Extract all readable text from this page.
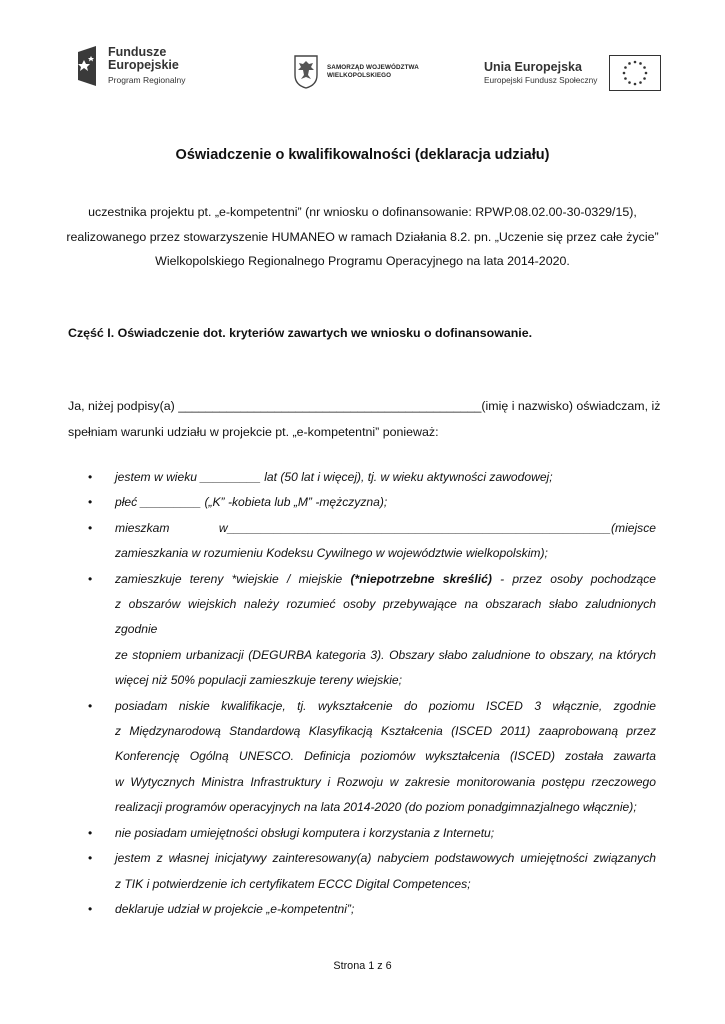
Fundusze
Europejskie
Program Regionalny
SAMORZĄD WOJEWÓDZTWA
WIELKOPOLSKIEGO
Unia Europejska
Europejski Fundusz Społeczny
Oświadczenie o kwalifikowalności (deklaracja udziału)
uczestnika projektu pt. „e-kompetentni” (nr wniosku o dofinansowanie: RPWP.08.02.00-30-0329/15),
realizowanego przez stowarzyszenie HUMANEO w ramach Działania 8.2. pn. „Uczenie się przez całe życie”
Wielkopolskiego Regionalnego Programu Operacyjnego na lata 2014-2020.
Część I. Oświadczenie dot. kryteriów zawartych we wniosku o dofinansowanie.
Ja, niżej podpisy(a) ____________________________________________ (imię i nazwisko) oświadczam, iż
spełniam warunki udziału w projekcie pt. „e-kompetentni” ponieważ:
• jestem w wieku _________ lat (50 lat i więcej), tj. w wieku aktywności zawodowej;
• płeć _________ („K” -kobieta lub „M” -mężczyzna);
• mieszkam w_________________________________________________________(miejsce
zamieszkania w rozumieniu Kodeksu Cywilnego w województwie wielkopolskim);
• zamieszkuje tereny *wiejskie / miejskie (*niepotrzebne skreślić) - przez osoby pochodzące
z obszarów wiejskich należy rozumieć osoby przebywające na obszarach słabo zaludnionych zgodnie
ze stopniem urbanizacji (DEGURBA kategoria 3). Obszary słabo zaludnione to obszary, na których
więcej niż 50% populacji zamieszkuje tereny wiejskie;
• posiadam niskie kwalifikacje, tj. wykształcenie do poziomu ISCED 3 włącznie, zgodnie
z Międzynarodową Standardową Klasyfikacją Kształcenia (ISCED 2011) zaaprobowaną przez
Konferencję Ogólną UNESCO. Definicja poziomów wykształcenia (ISCED) została zawarta
w Wytycznych Ministra Infrastruktury i Rozwoju w zakresie monitorowania postępu rzeczowego
realizacji programów operacyjnych na lata 2014-2020 (do poziom ponadgimnazjalnego włącznie);
• nie posiadam umiejętności obsługi komputera i korzystania z Internetu;
• jestem z własnej inicjatywy zainteresowany(a) nabyciem podstawowych umiejętności związanych
z TIK i potwierdzenie ich certyfikatem ECCC Digital Competences;
• deklaruje udział w projekcie „e-kompetentni”;
Strona 1 z 6
